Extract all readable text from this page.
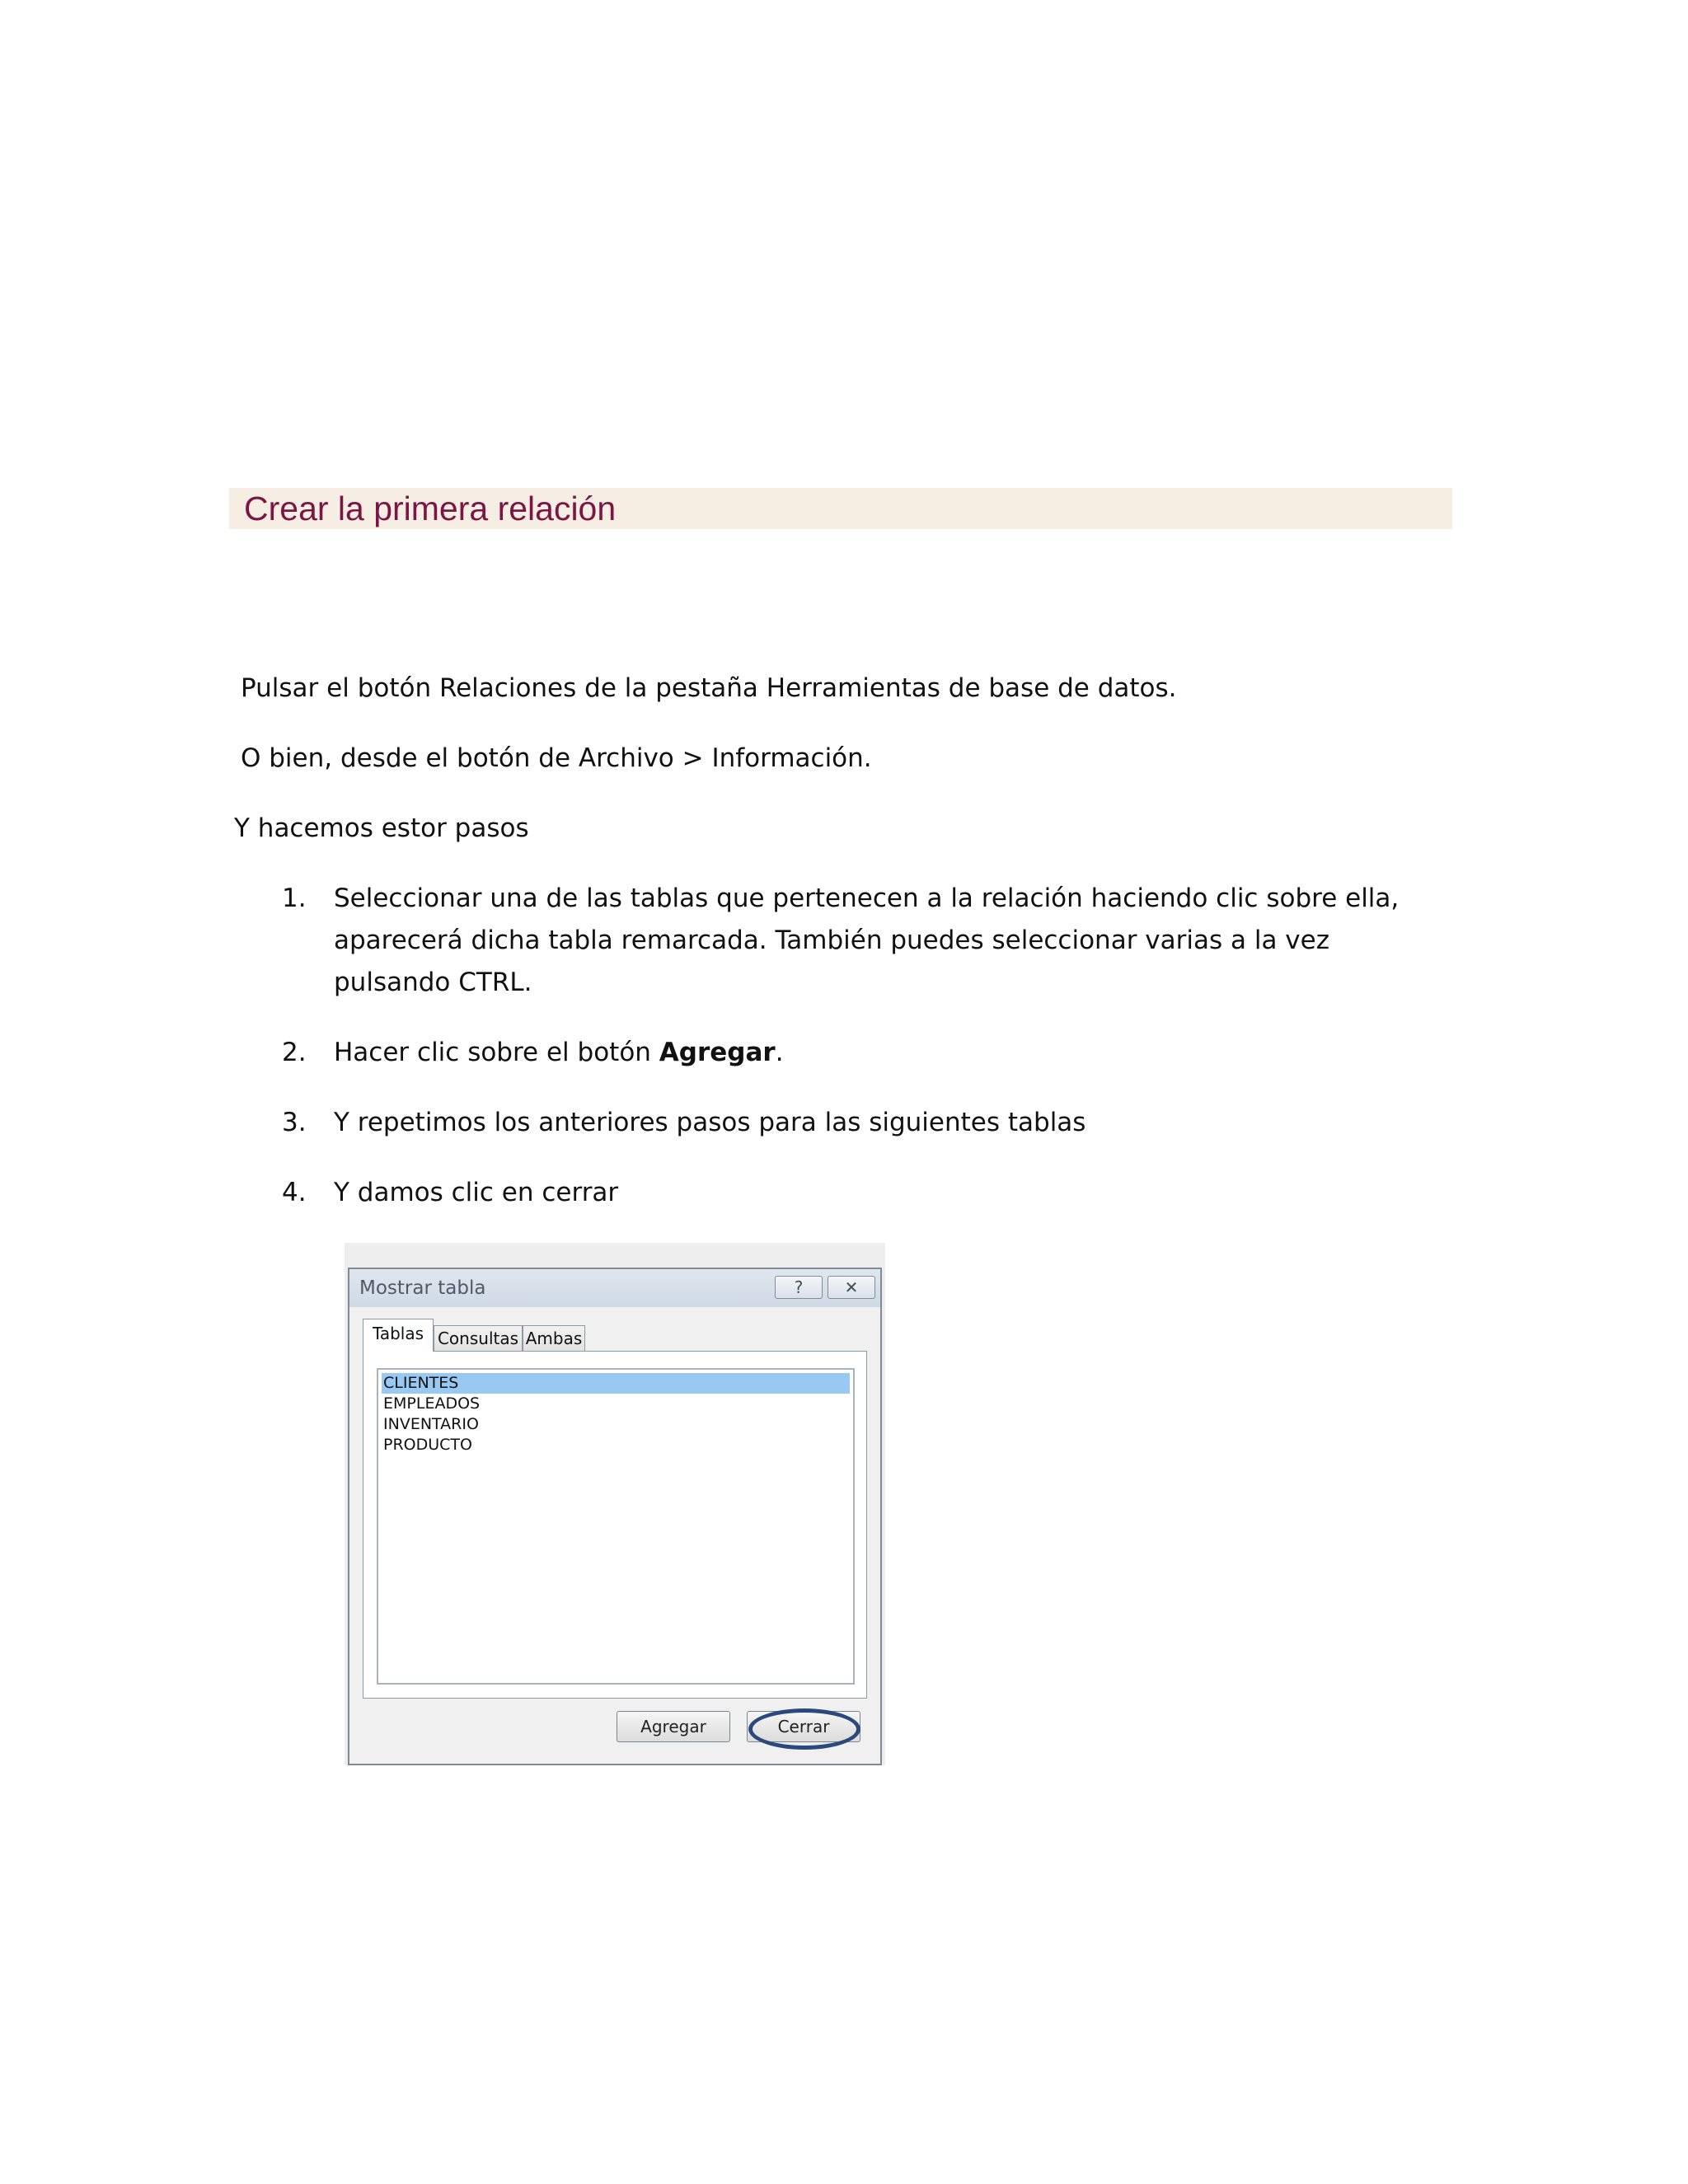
Crear la primera relación
Pulsar el botón Relaciones de la pestaña Herramientas de base de datos.
O bien, desde el botón de Archivo > Información.
Y hacemos estor pasos
1.	Seleccionar una de las tablas que pertenecen a la relación haciendo clic sobre ella,
aparecerá dicha tabla remarcada. También puedes seleccionar varias a la vez
pulsando CTRL.
2.	Hacer clic sobre el botón Agregar.
3.	Y repetimos los anteriores pasos para las siguientes tablas
4.	Y damos clic en cerrar
Mostrar tabla	?	✕
Tablas Consultas Ambas
CLIENTES
EMPLEADOS
INVENTARIO
PRODUCTO
Agregar	Cerrar
